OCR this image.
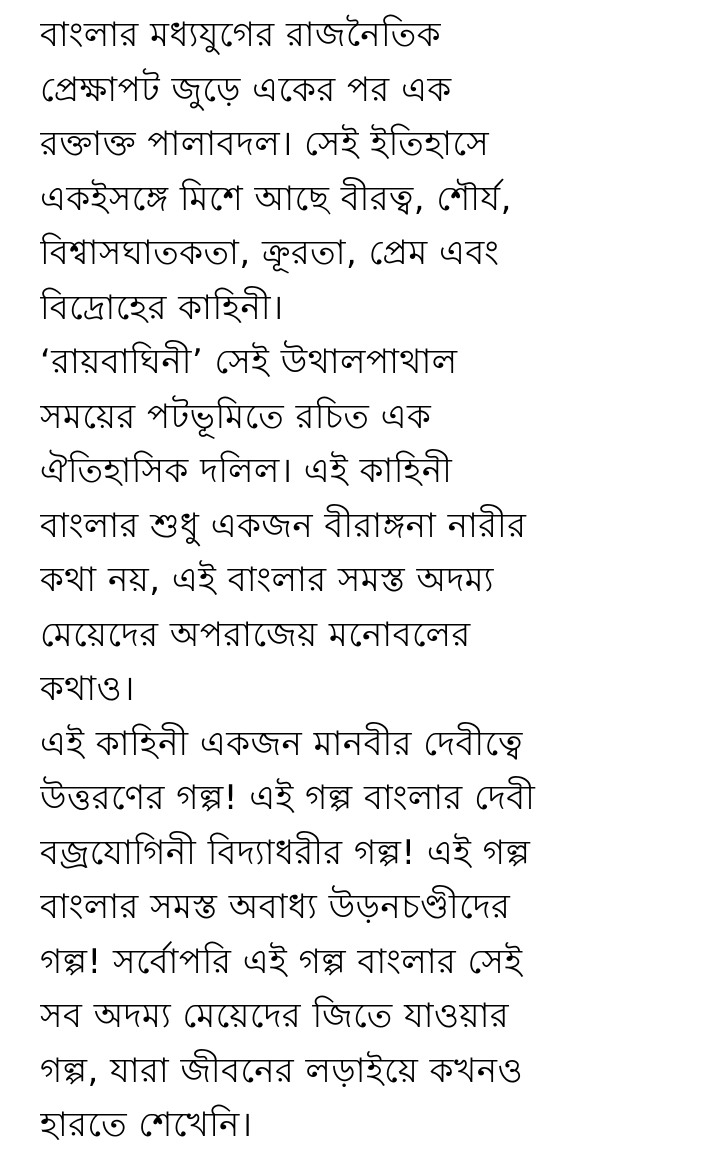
বাংলার মধ্যযুগের রাজনৈতিক
প্রেক্ষাপট জুড়ে একের পর এক
রক্তাক্ত পালাবদল। সেই ইতিহাসে
একইসঙ্গে মিশে আছে বীরত্ব, শৌর্য,
বিশ্বাসঘাতকতা, ক্রূরতা, প্রেম এবং
বিদ্রোহের কাহিনী।
‘রায়বাঘিনী’ সেই উথালপাথাল
সময়ের পটভূমিতে রচিত এক
ঐতিহাসিক দলিল। এই কাহিনী
বাংলার শুধু একজন বীরাঙ্গনা নারীর
কথা নয়, এই বাংলার সমস্ত অদম্য
মেয়েদের অপরাজেয় মনোবলের
কথাও।
এই কাহিনী একজন মানবীর দেবীত্বে
উত্তরণের গল্প! এই গল্প বাংলার দেবী
বজ্রযোগিনী বিদ্যাধরীর গল্প! এই গল্প
বাংলার সমস্ত অবাধ্য উড়নচণ্ডীদের
গল্প! সর্বোপরি এই গল্প বাংলার সেই
সব অদম্য মেয়েদের জিতে যাওয়ার
গল্প, যারা জীবনের লড়াইয়ে কখনও
হারতে শেখেনি।
